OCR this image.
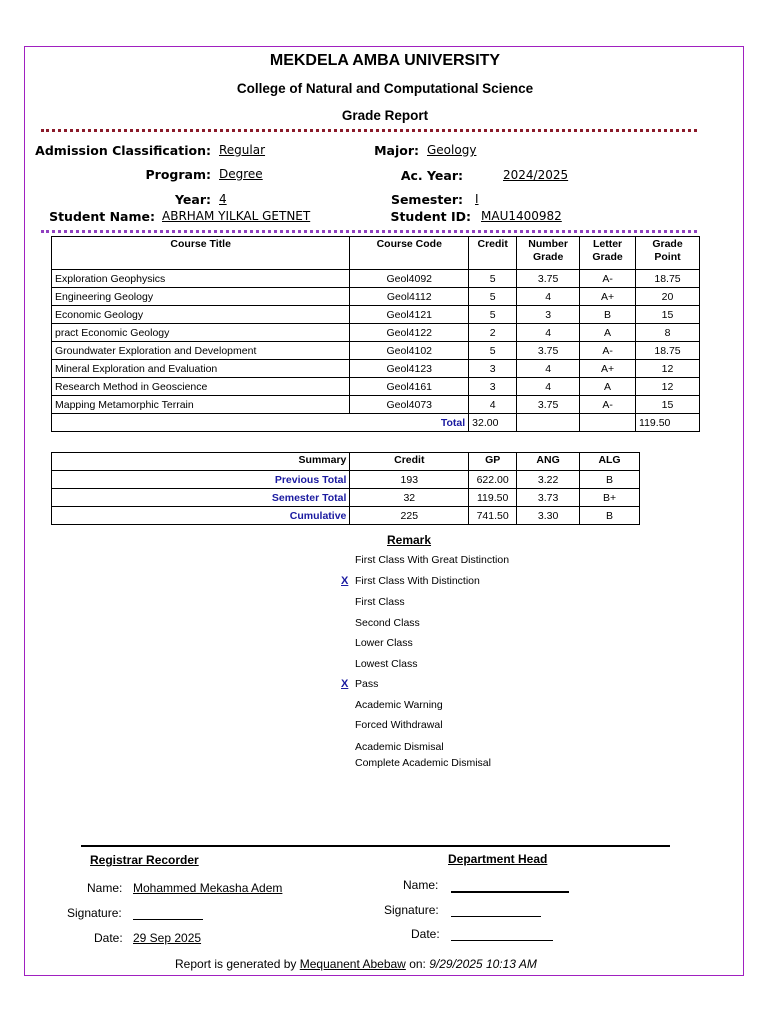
MEKDELA AMBA UNIVERSITY
College of Natural and Computational Science
Grade Report
Admission Classification: Regular	Major: Geology
Program: Degree	Ac. Year:	2024/2025
Year: 4	Semester: I
Student Name: ABRHAM YILKAL GETNET	Student ID: MAU1400982
Course Title	Course Code	Credit	Number Grade	Letter Grade	Grade Point
Exploration Geophysics	Geol4092	5	3.75	A-	18.75
Engineering Geology	Geol4112	5	4	A+	20
Economic Geology	Geol4121	5	3	B	15
pract Economic Geology	Geol4122	2	4	A	8
Groundwater Exploration and Development	Geol4102	5	3.75	A-	18.75
Mineral Exploration and Evaluation	Geol4123	3	4	A+	12
Research Method in Geoscience	Geol4161	3	4	A	12
Mapping Metamorphic Terrain	Geol4073	4	3.75	A-	15
Total		32.00			119.50
Summary	Credit	GP	ANG	ALG
Previous Total	193	622.00	3.22	B
Semester Total	32	119.50	3.73	B+
Cumulative	225	741.50	3.30	B
Remark
First Class With Great Distinction
X First Class With Distinction
First Class
Second Class
Lower Class
Lowest Class
X Pass
Academic Warning
Forced Withdrawal
Academic Dismisal
Complete Academic Dismisal
Registrar Recorder	Department Head
Name: Mohammed Mekasha Adem	Name:
Signature:	Signature:
Date: 29 Sep 2025	Date:
Report is generated by Mequanent Abebaw on: 9/29/2025 10:13 AM
